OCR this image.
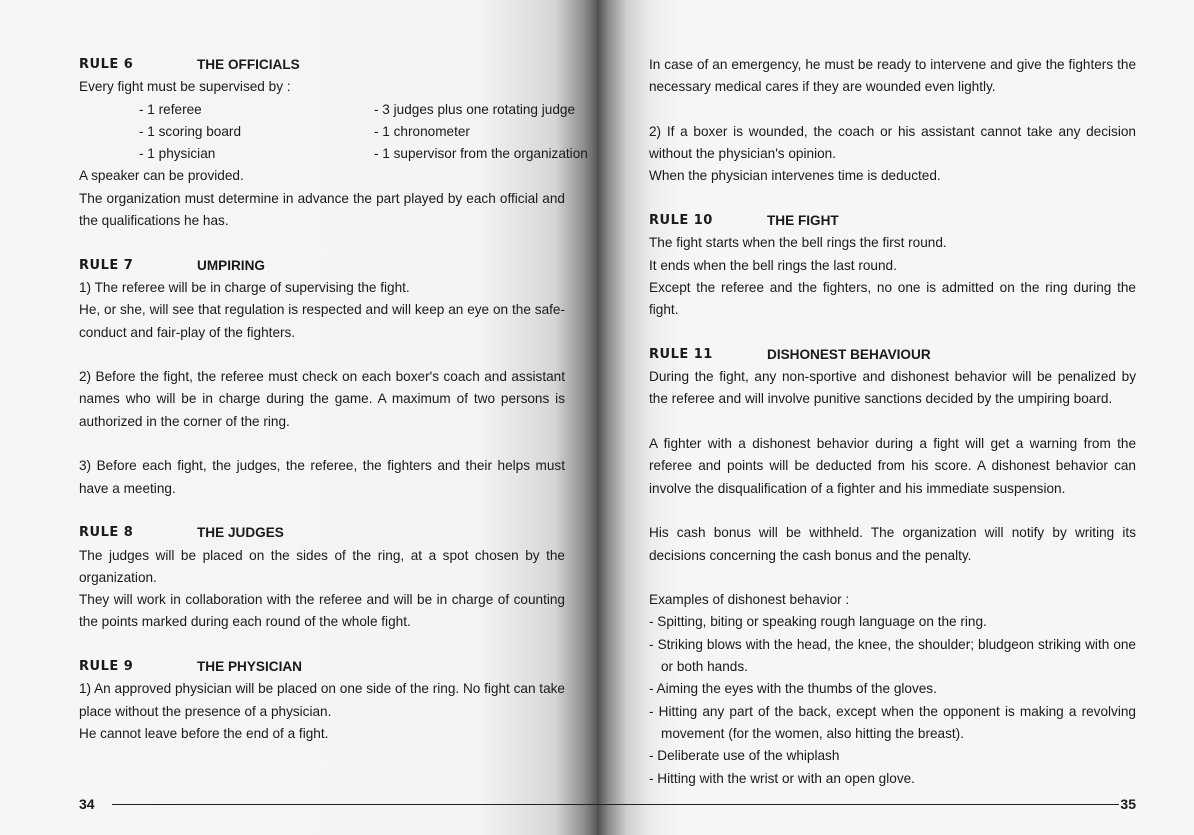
RULE 6	THE OFFICIALS

Every fight must be supervised by :

- 1 referee	- 3 judges plus one rotating judge
- 1 scoring board	- 1 chronometer
- 1 physician	- 1 supervisor from the organization

A speaker can be provided.

The organization must determine in advance the part played by each official and the qualifications he has.

RULE 7	UMPIRING

1) The referee will be in charge of supervising the fight.

He, or she, will see that regulation is respected and will keep an eye on the safe-conduct and fair-play of the fighters.

2) Before the fight, the referee must check on each boxer's coach and assistant names who will be in charge during the game. A maximum of two persons is authorized in the corner of the ring.

3) Before each fight, the judges, the referee, the fighters and their helps must have a meeting.

RULE 8	THE JUDGES

The judges will be placed on the sides of the ring, at a spot chosen by the organization.

They will work in collaboration with the referee and will be in charge of counting the points marked during each round of the whole fight.

RULE 9	THE PHYSICIAN

1) An approved physician will be placed on one side of the ring. No fight can take place without the presence of a physician.

He cannot leave before the end of a fight.

34

In case of an emergency, he must be ready to intervene and give the fighters the necessary medical cares if they are wounded even lightly.

2) If a boxer is wounded, the coach or his assistant cannot take any decision without the physician's opinion.

When the physician intervenes time is deducted.

RULE 10	THE FIGHT

The fight starts when the bell rings the first round.

It ends when the bell rings the last round.

Except the referee and the fighters, no one is admitted on the ring during the fight.

RULE 11	DISHONEST BEHAVIOUR

During the fight, any non-sportive and dishonest behavior will be penalized by the referee and will involve punitive sanctions decided by the umpiring board.

A fighter with a dishonest behavior during a fight will get a warning from the referee and points will be deducted from his score. A dishonest behavior can involve the disqualification of a fighter and his immediate suspension.

His cash bonus will be withheld. The organization will notify by writing its decisions concerning the cash bonus and the penalty.

Examples of dishonest behavior :

- Spitting, biting or speaking rough language on the ring.

- Striking blows with the head, the knee, the shoulder; bludgeon striking with one or both hands.

- Aiming the eyes with the thumbs of the gloves.

- Hitting any part of the back, except when the opponent is making a revolving movement (for the women, also hitting the breast).

- Deliberate use of the whiplash

- Hitting with the wrist or with an open glove.

35
